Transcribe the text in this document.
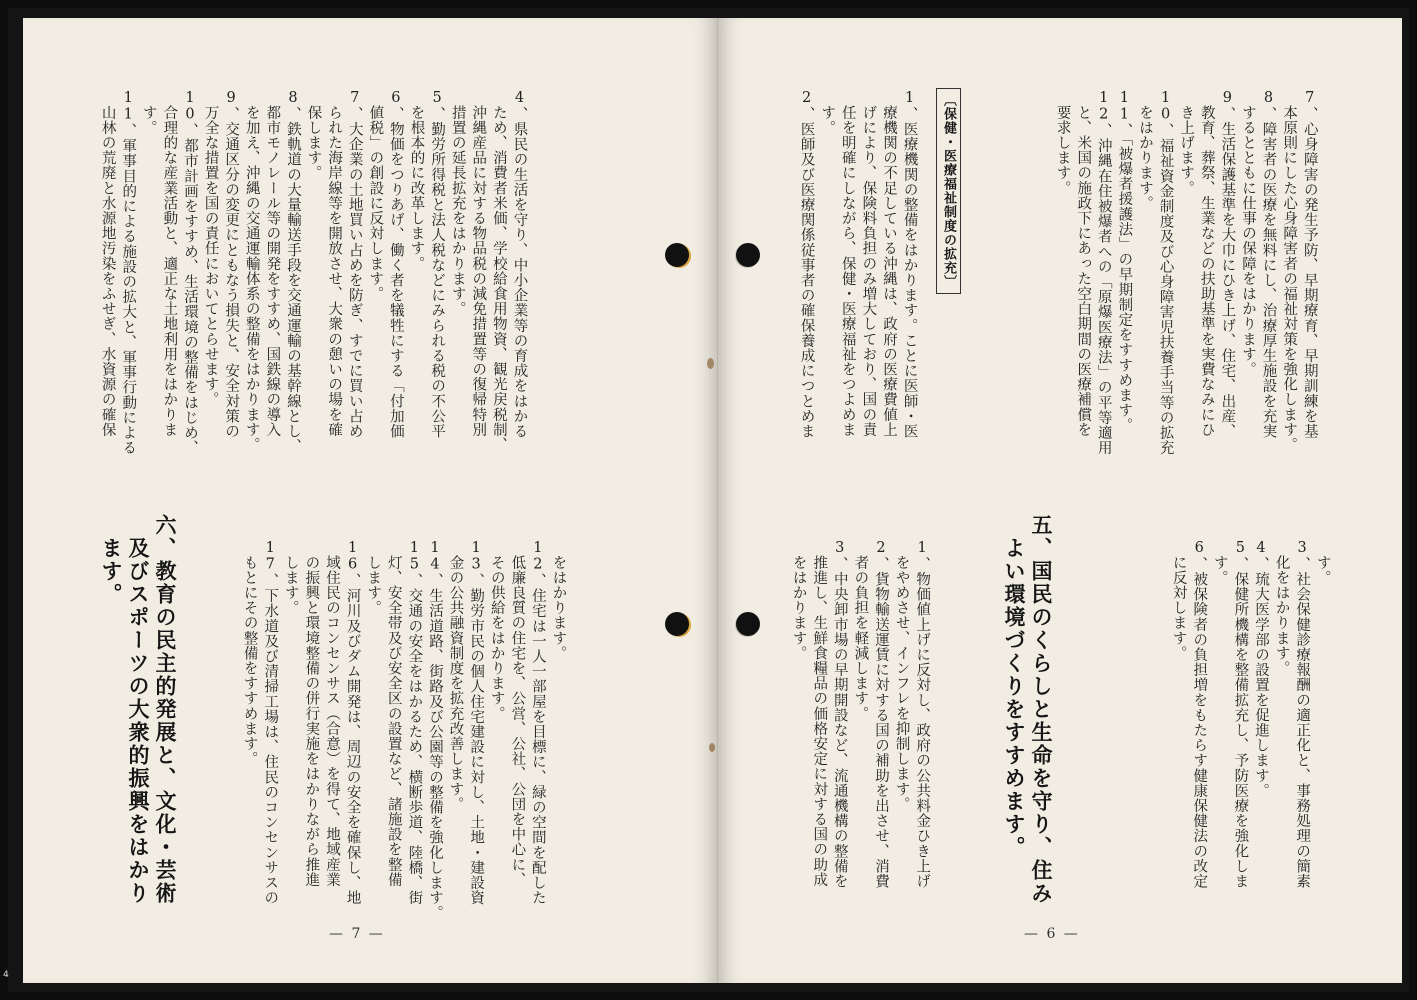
4、県民の生活を守り、中小企業等の育成をはかる

ため、消費者米価、学校給食用物資、観光戻税制、

沖縄産品に対する物品税の減免措置等の復帰特別

措置の延長拡充をはかります。

5、勤労所得税と法人税などにみられる税の不公平

を根本的に改革します。

6、物価をつりあげ、働く者を犠牲にする「付加価

値税」の創設に反対します。

7、大企業の土地買い占めを防ぎ、すでに買い占め

られた海岸線等を開放させ、大衆の憩いの場を確

保します。

8、鉄軌道の大量輸送手段を交通運輸の基幹線とし、

都市モノレール等の開発をすすめ、国鉄線の導入

を加え、沖縄の交通運輸体系の整備をはかります。

9、交通区分の変更にともなう損失と、安全対策の

万全な措置を国の責任においてとらせます。

10、都市計画をすすめ、生活環境の整備をはじめ、

合理的な産業活動と、適正な土地利用をはかりま

す。

11、軍事目的による施設の拡大と、軍事行動による

山林の荒廃と水源地汚染をふせぎ、水資源の確保

をはかります。

12、住宅は一人一部屋を目標に、緑の空間を配した

低廉良質の住宅を、公営、公社、公団を中心に、

その供給をはかります。

13、勤労市民の個人住宅建設に対し、土地・建設資

金の公共融資制度を拡充改善します。

14、生活道路、街路及び公園等の整備を強化します。

15、交通の安全をはかるため、横断歩道、陸橋、街

灯、安全帯及び安全区の設置など、諸施設を整備

します。

16、河川及びダム開発は、周辺の安全を確保し、地

域住民のコンセンサス（合意）を得て、地域産業

の振興と環境整備の併行実施をはかりながら推進

します。

17、下水道及び清掃工場は、住民のコンセンサスの

もとにその整備をすすめます。

六、教育の民主的発展と、文化・芸術
　及びスポーツの大衆的振興をはかり
　ます。
— 7 —

7、心身障害の発生予防、早期療育、早期訓練を基

本原則にした心身障害者の福祉対策を強化します。

8、障害者の医療を無料にし、治療厚生施設を充実

するとともに仕事の保障をはかります。

9、生活保護基準を大巾にひき上げ、住宅、出産、

教育、葬祭、生業などの扶助基準を実費なみにひ

き上げます。

10、福祉資金制度及び心身障害児扶養手当等の拡充

をはかります。

11、「被爆者援護法」の早期制定をすすめます。

12、沖縄在住被爆者への「原爆医療法」の平等適用

と、米国の施政下にあった空白期間の医療補償を

要求します。

〔保健・医療福祉制度の拡充〕

1、医療機関の整備をはかります。ことに医師・医

療機関の不足している沖縄は、政府の医療費値上

げにより、保険料負担のみ増大しており、国の責

任を明確にしながら、保健・医療福祉をつよめま

す。

2、医師及び医療関係従事者の確保養成につとめま

す。

3、社会保健診療報酬の適正化と、事務処理の簡素

化をはかります。

4、琉大医学部の設置を促進します。

5、保健所機構を整備拡充し、予防医療を強化しま

す。

6、被保険者の負担増をもたらす健康保健法の改定

に反対します。

五、国民のくらしと生命を守り、住み
　よい環境づくりをすすめます。

1、物価値上げに反対し、政府の公共料金ひき上げ

をやめさせ、インフレを抑制します。

2、貨物輸送運賃に対する国の補助を出させ、消費

者の負担を軽減します。

3、中央卸市場の早期開設など、流通機構の整備を

推進し、生鮮食糧品の価格安定に対する国の助成

をはかります。

— 6 —
4
